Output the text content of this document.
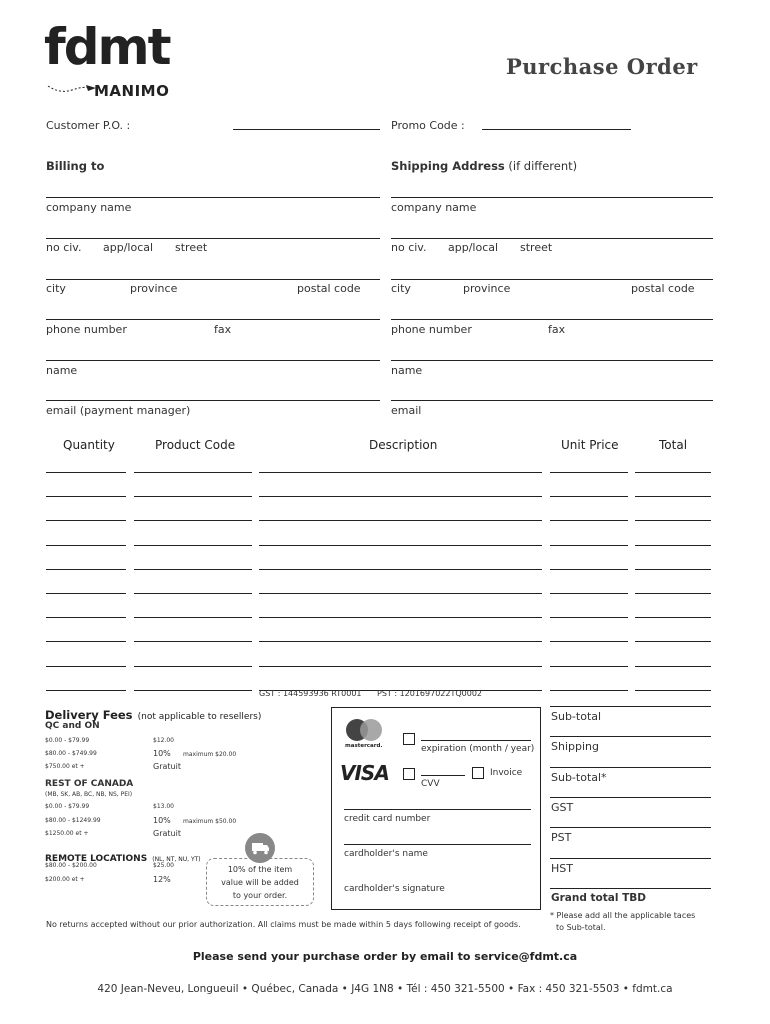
fdmt
MANIMO
Purchase Order
Customer P.O. :	Promo Code :
Billing to
company name
no civ. app/local street
city	province	postal code
phone number	fax
name
email (payment manager)
Shipping Address (if different)
company name
no civ. app/local street
city	province	postal code
phone number	fax
name
email
Quantity	Product Code	Description	Unit Price	Total
GST : 144593936 RT0001 PST : 1201697022TQ0002
Delivery Fees (not applicable to resellers)
QC and ON
$0.00 - $79.99	$12.00
$80.00 - $749.99	10% maximum $20.00
$750.00 et +	Gratuit
REST OF CANADA
(MB, SK, AB, BC, NB, NS, PEI)
$0.00 - $79.99	$13.00
$80.00 - $1249.99	10% maximum $50.00
$1250.00 et +	Gratuit
REMOTE LOCATIONS (NL, NT, NU, YT)
$80.00 - $200.00	$25.00
$200.00 et +	12%
10% of the item
value will be added
to your order.
mastercard.	expiration (month / year)
VISA	CVV
Invoice
credit card number
cardholder's name
cardholder's signature
Sub-total
Shipping
Sub-total*
GST
PST
HST
Grand total TBD
* Please add all the applicable taces
to Sub-total.
No returns accepted without our prior authorization. All claims must be made within 5 days following receipt of goods.
Please send your purchase order by email to service@fdmt.ca
420 Jean-Neveu, Longueuil • Québec, Canada • J4G 1N8 • Tél : 450 321-5500 • Fax : 450 321-5503 • fdmt.ca
